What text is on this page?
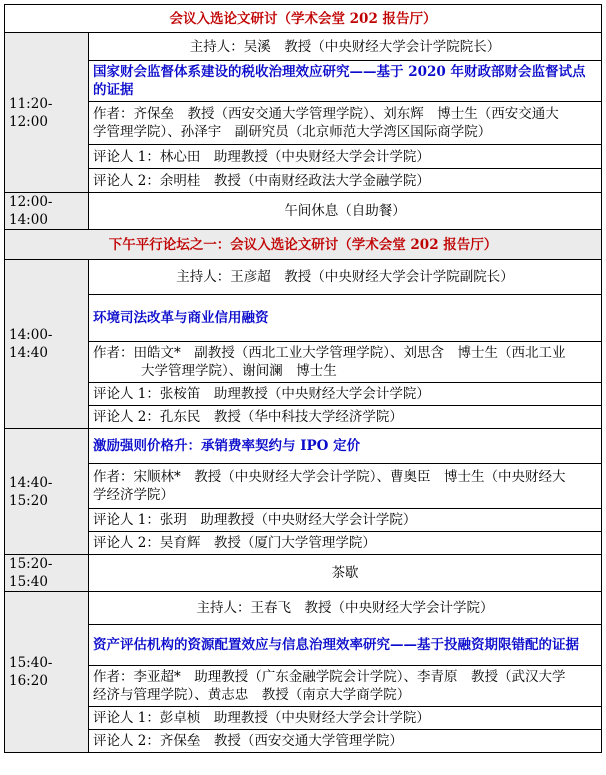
会议入选论文研讨（学术会堂 202 报告厅）	
11:20-12:00	主持人：吴溪　教授（中央财经大学会计学院院长）
	国家财会监督体系建设的税收治理效应研究——基于 2020 年财政部财会监督试点的证据
	作者：齐保垒　教授（西安交通大学管理学院）、刘东辉　博士生（西安交通大
学管理学院）、孙泽宇　副研究员（北京师范大学湾区国际商学院）
	评论人 1：林心田　助理教授（中央财经大学会计学院）
	评论人 2：余明桂　教授（中南财经政法大学金融学院）
12:00-14:00	午间休息（自助餐）
下午平行论坛之一：会议入选论文研讨（学术会堂 202 报告厅）	
14:00-14:40	主持人：王彦超　教授（中央财经大学会计学院副院长）
	环境司法改革与商业信用融资
	作者：田皓文*　副教授（西北工业大学管理学院）、刘思含　博士生（西北工业

大学管理学院）、谢间澜　博士生

	评论人 1：张桉笛　助理教授（中央财经大学会计学院）
	评论人 2：孔东民　教授（华中科技大学经济学院）
14:40-15:20	激励强则价格升：承销费率契约与 IPO 定价
	作者：宋顺林*　教授（中央财经大学会计学院）、曹奥臣　博士生（中央财经大
学经济学院）
	评论人 1：张玥　助理教授（中央财经大学会计学院）
	评论人 2：吴育辉　教授（厦门大学管理学院）
15:20-15:40	茶歇
15:40-16:20	主持人：王春飞　教授（中央财经大学会计学院）
	资产评估机构的资源配置效应与信息治理效率研究——基于投融资期限错配的证据
	作者：李亚超*　助理教授（广东金融学院会计学院）、李青原　教授（武汉大学
经济与管理学院）、黄志忠　教授（南京大学商学院）
	评论人 1：彭卓桢　助理教授（中央财经大学会计学院）
	评论人 2：齐保垒　教授（西安交通大学管理学院）
